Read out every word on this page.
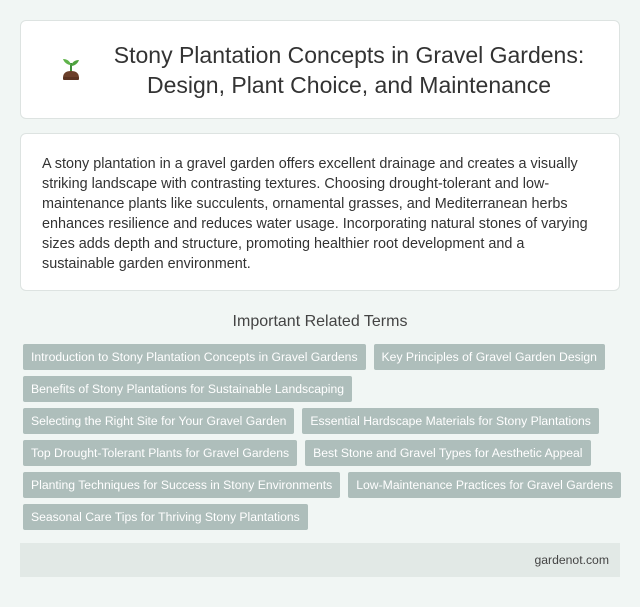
Stony Plantation Concepts in Gravel Gardens: Design, Plant Choice, and Maintenance

A stony plantation in a gravel garden offers excellent drainage and creates a visually striking landscape with contrasting textures. Choosing drought-tolerant and low-maintenance plants like succulents, ornamental grasses, and Mediterranean herbs enhances resilience and reduces water usage. Incorporating natural stones of varying sizes adds depth and structure, promoting healthier root development and a sustainable garden environment.

Important Related Terms
Introduction to Stony Plantation Concepts in Gravel Gardens	Key Principles of Gravel Garden Design
Benefits of Stony Plantations for Sustainable Landscaping
Selecting the Right Site for Your Gravel Garden	Essential Hardscape Materials for Stony Plantations
Top Drought-Tolerant Plants for Gravel Gardens	Best Stone and Gravel Types for Aesthetic Appeal
Planting Techniques for Success in Stony Environments	Low-Maintenance Practices for Gravel Gardens
Seasonal Care Tips for Thriving Stony Plantations
gardenot.com
